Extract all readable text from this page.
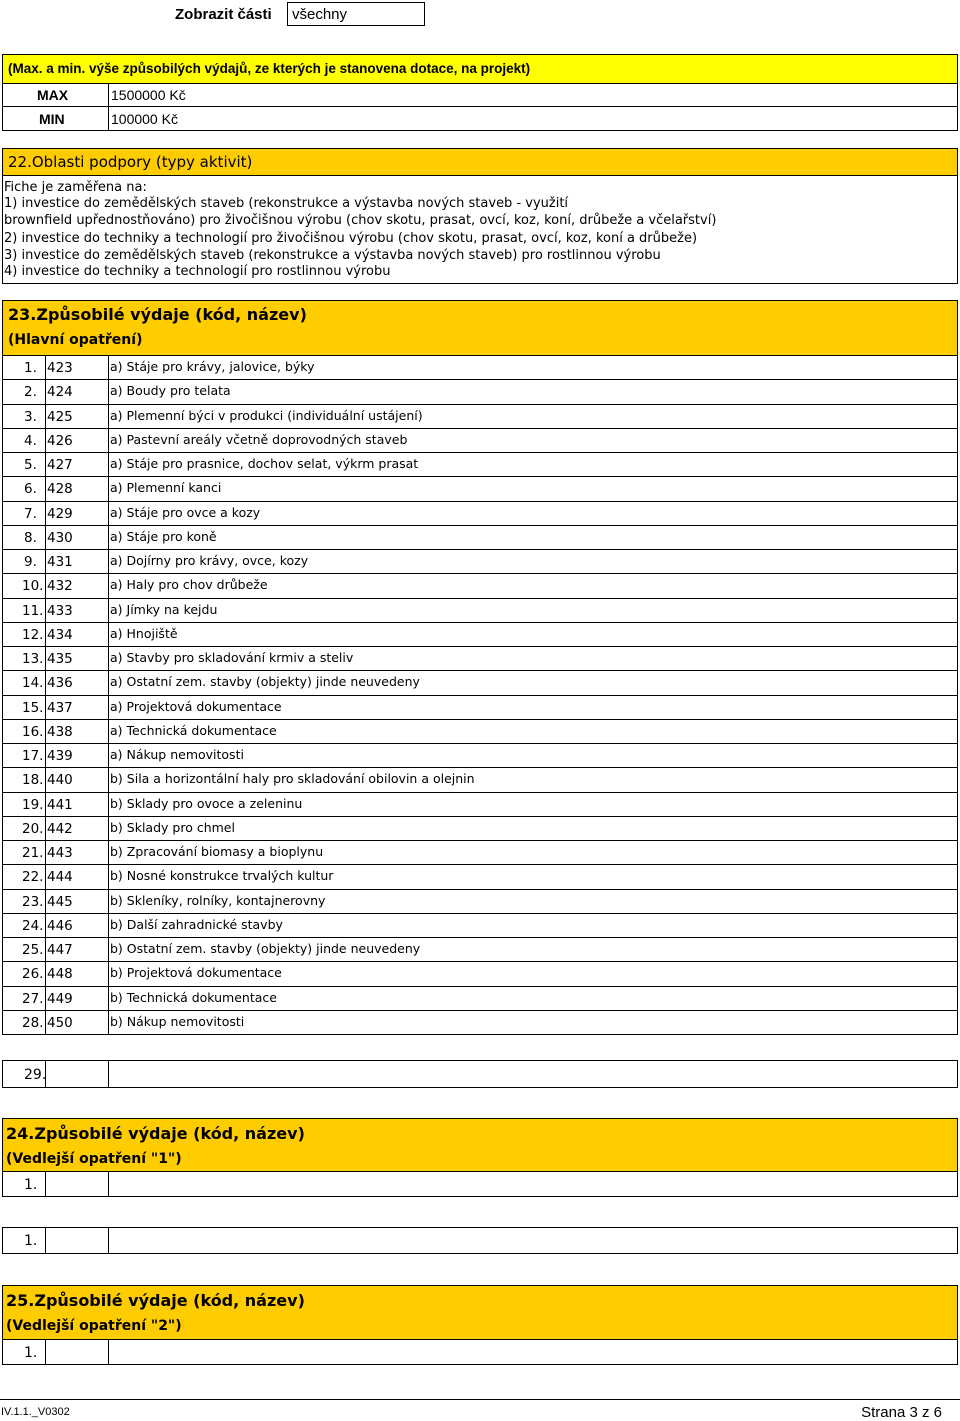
Zobrazit části	všechny
(Max. a min. výše způsobilých výdajů, ze kterých je stanovena dotace, na projekt)
MAX	1500000 Kč
MIN	100000 Kč
22.Oblasti podpory (typy aktivit)
Fiche je zaměřena na:
1) investice do zemědělských staveb (rekonstrukce a výstavba nových staveb - využití
brownfield upřednostňováno) pro živočišnou výrobu (chov skotu, prasat, ovcí, koz, koní, drůbeže a včelařství)
2) investice do techniky a technologií pro živočišnou výrobu (chov skotu, prasat, ovcí, koz, koní a drůbeže)
3) investice do zemědělských staveb (rekonstrukce a výstavba nových staveb) pro rostlinnou výrobu
4) investice do techniky a technologií pro rostlinnou výrobu
23.Způsobilé výdaje (kód, název)
(Hlavní opatření)
1. 423	a) Stáje pro krávy, jalovice, býky
2. 424	a) Boudy pro telata
3. 425	a) Plemenní býci v produkci (individuální ustájení)
4. 426	a) Pastevní areály včetně doprovodných staveb
5. 427	a) Stáje pro prasnice, dochov selat, výkrm prasat
6. 428	a) Plemenní kanci
7. 429	a) Stáje pro ovce a kozy
8. 430	a) Stáje pro koně
9. 431	a) Dojírny pro krávy, ovce, kozy
10. 432	a) Haly pro chov drůbeže
11. 433	a) Jímky na kejdu
12. 434	a) Hnojiště
13. 435	a) Stavby pro skladování krmiv a steliv
14. 436	a) Ostatní zem. stavby (objekty) jinde neuvedeny
15. 437	a) Projektová dokumentace
16. 438	a) Technická dokumentace
17. 439	a) Nákup nemovitosti
18. 440	b) Sila a horizontální haly pro skladování obilovin a olejnin
19. 441	b) Sklady pro ovoce a zeleninu
20. 442	b) Sklady pro chmel
21. 443	b) Zpracování biomasy a bioplynu
22. 444	b) Nosné konstrukce trvalých kultur
23. 445	b) Skleníky, rolníky, kontajnerovny
24. 446	b) Další zahradnické stavby
25. 447	b) Ostatní zem. stavby (objekty) jinde neuvedeny
26. 448	b) Projektová dokumentace
27. 449	b) Technická dokumentace
28. 450	b) Nákup nemovitosti
29.
24.Způsobilé výdaje (kód, název)
(Vedlejší opatření "1")
1.
1.
25.Způsobilé výdaje (kód, název)
(Vedlejší opatření "2")
1.
IV.1.1._V0302	Strana 3 z 6
